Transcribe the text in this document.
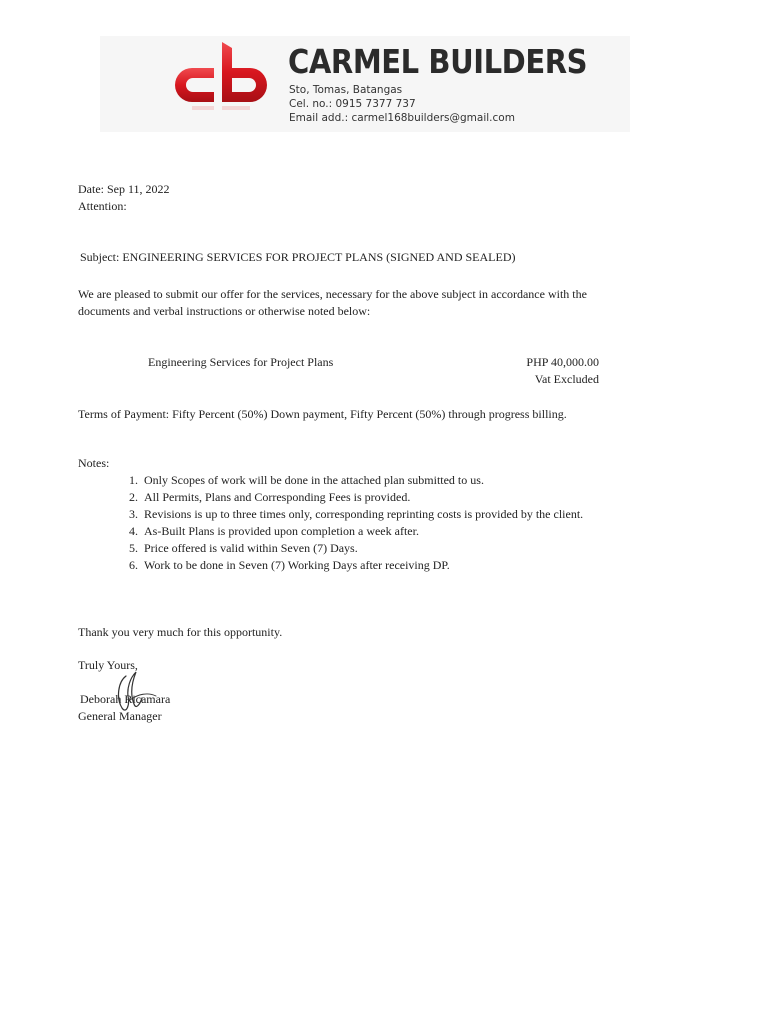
CARMEL BUILDERS
Sto, Tomas, Batangas
Cel. no.: 0915 7377 737
Email add.: carmel168builders@gmail.com
Date: Sep 11, 2022
Attention:
Subject: ENGINEERING SERVICES FOR PROJECT PLANS (SIGNED AND SEALED)
We are pleased to submit our offer for the services, necessary for the above subject in accordance with the
documents and verbal instructions or otherwise noted below:
Engineering Services for Project Plans	PHP 40,000.00
Vat Excluded
Terms of Payment: Fifty Percent (50%) Down payment, Fifty Percent (50%) through progress billing.
Notes:
1. Only Scopes of work will be done in the attached plan submitted to us.
2. All Permits, Plans and Corresponding Fees is provided.
3. Revisions is up to three times only, corresponding reprinting costs is provided by the client.
4. As-Built Plans is provided upon completion a week after.
5. Price offered is valid within Seven (7) Days.
6. Work to be done in Seven (7) Working Days after receiving DP.
Thank you very much for this opportunity.
Truly Yours,
Deborah Ricamara
General Manager
